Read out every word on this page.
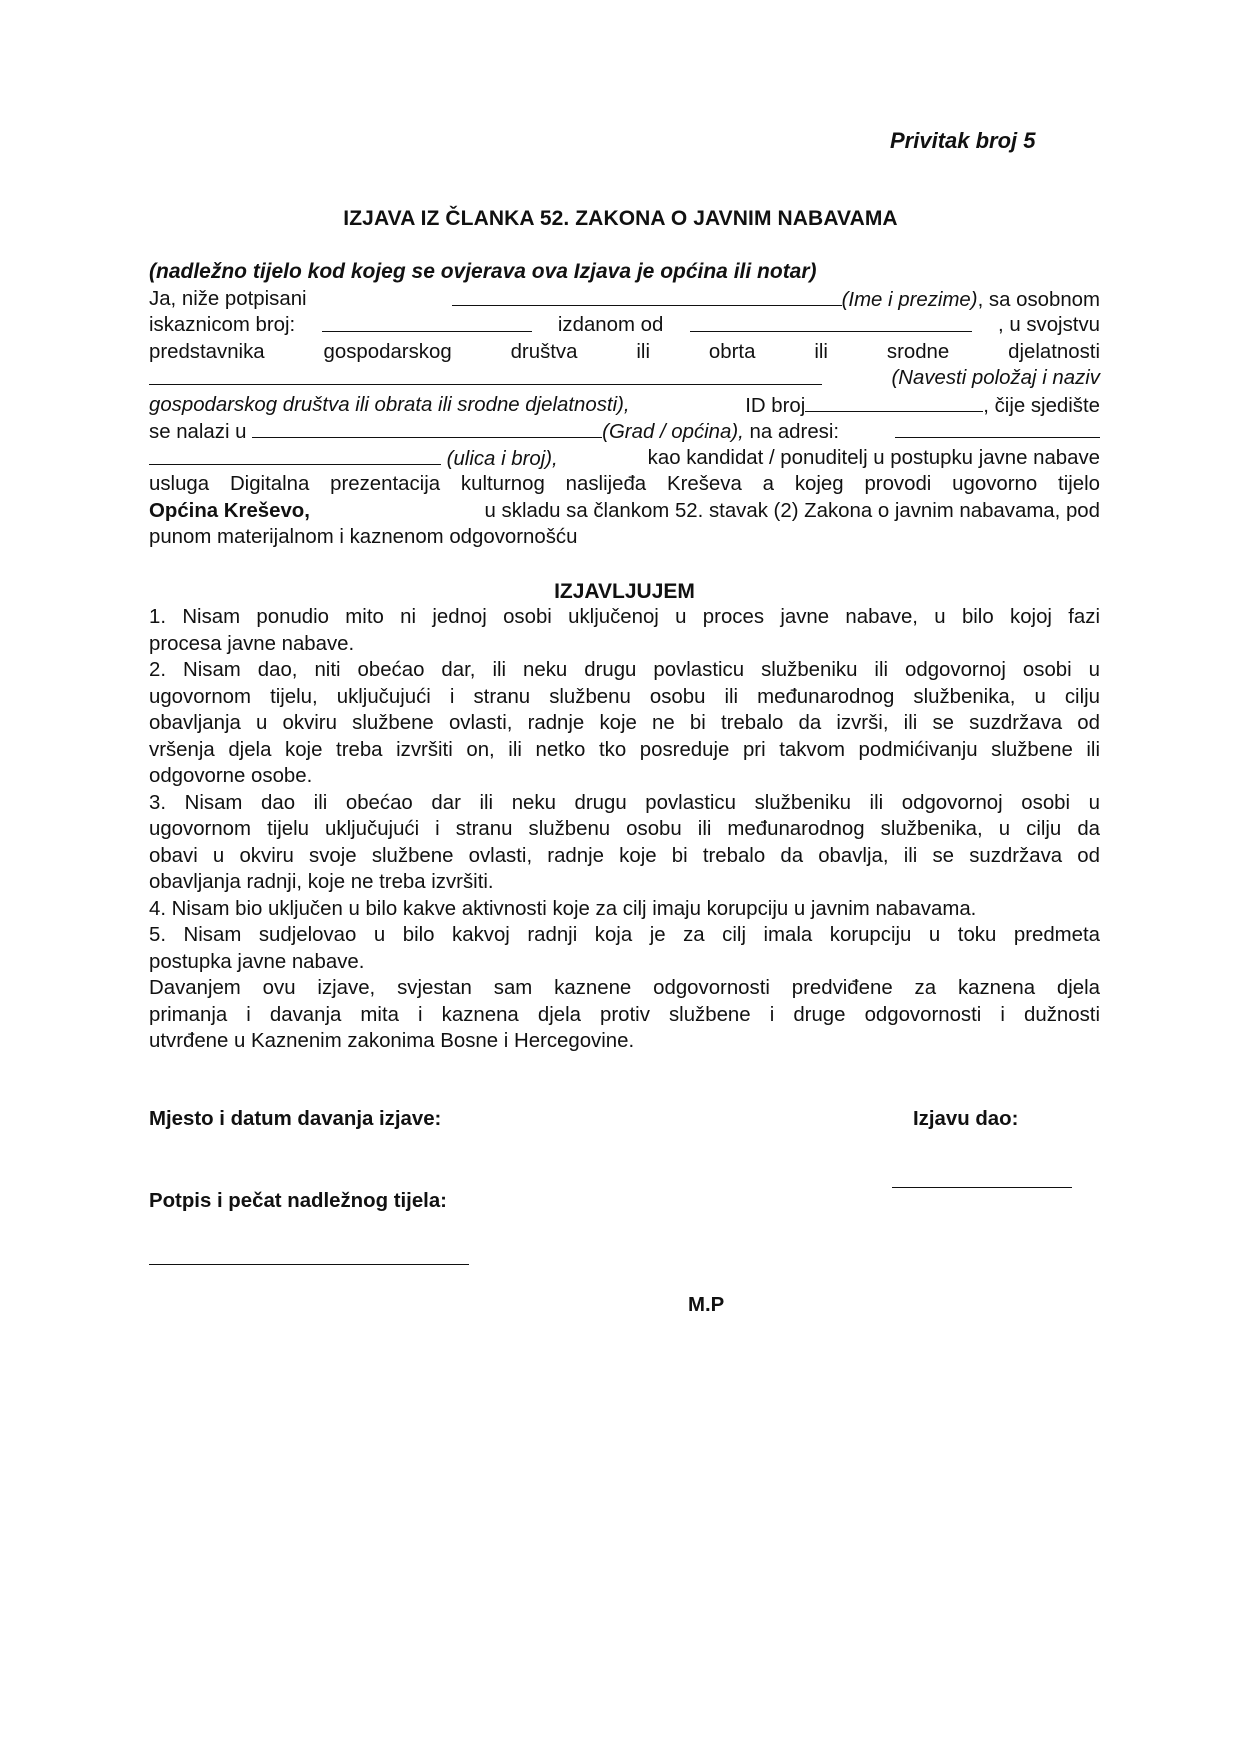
Privitak broj 5
IZJAVA IZ ČLANKA 52. ZAKONA O JAVNIM NABAVAMA
(nadležno tijelo kod kojeg se ovjerava ova Izjava je općina ili notar)
Ja, niže potpisani	(Ime i prezime), sa osobnom
iskaznicom broj:	izdanom od	, u svojstvu
predstavnika gospodarskog društva ili obrta ili srodne djelatnosti
(Navesti položaj i naziv
gospodarskog društva ili obrata ili srodne djelatnosti),	ID broj	, čije sjedište
se nalazi u	(Grad / općina), na adresi:
(ulica i broj),	kao kandidat / ponuditelj u postupku javne nabave
usluga Digitalna prezentacija kulturnog naslijeđa Kreševa a kojeg provodi ugovorno tijelo
Općina Kreševo,	u skladu sa člankom 52. stavak (2) Zakona o javnim nabavama, pod
punom materijalnom i kaznenom odgovornošću
IZJAVLJUJEM
1. Nisam ponudio mito ni jednoj osobi uključenoj u proces javne nabave, u bilo kojoj fazi
procesa javne nabave.
2. Nisam dao, niti obećao dar, ili neku drugu povlasticu službeniku ili odgovornoj osobi u
ugovornom tijelu, uključujući i stranu službenu osobu ili međunarodnog službenika, u cilju
obavljanja u okviru službene ovlasti, radnje koje ne bi trebalo da izvrši, ili se suzdržava od
vršenja djela koje treba izvršiti on, ili netko tko posreduje pri takvom podmićivanju službene ili
odgovorne osobe.
3. Nisam dao ili obećao dar ili neku drugu povlasticu službeniku ili odgovornoj osobi u
ugovornom tijelu uključujući i stranu službenu osobu ili međunarodnog službenika, u cilju da
obavi u okviru svoje službene ovlasti, radnje koje bi trebalo da obavlja, ili se suzdržava od
obavljanja radnji, koje ne treba izvršiti.
4. Nisam bio uključen u bilo kakve aktivnosti koje za cilj imaju korupciju u javnim nabavama.
5. Nisam sudjelovao u bilo kakvoj radnji koja je za cilj imala korupciju u toku predmeta
postupka javne nabave.
Davanjem ovu izjave, svjestan sam kaznene odgovornosti predviđene za kaznena djela
primanja i davanja mita i kaznena djela protiv službene i druge odgovornosti i dužnosti
utvrđene u Kaznenim zakonima Bosne i Hercegovine.
Mjesto i datum davanja izjave:	Izjavu dao:
Potpis i pečat nadležnog tijela:
M.P
